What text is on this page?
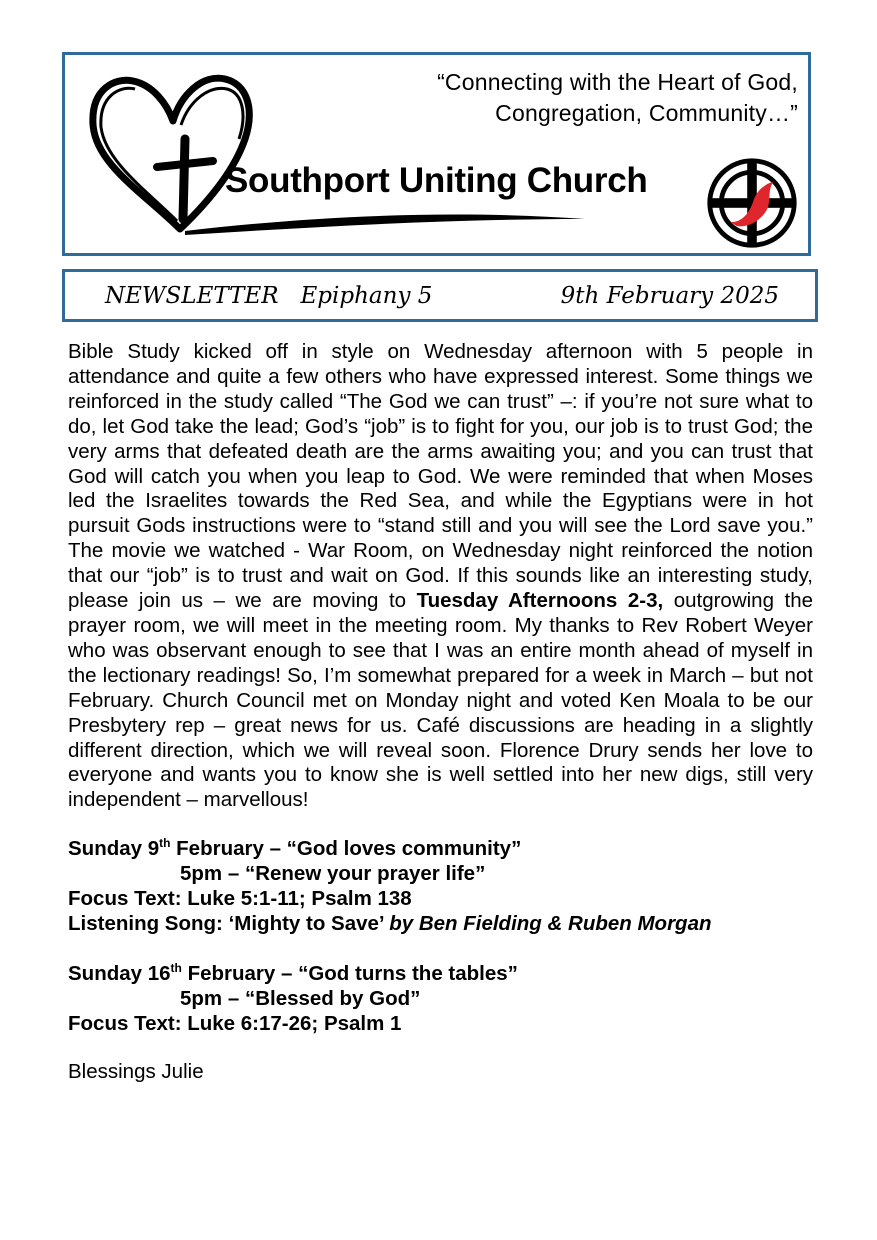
“Connecting with the Heart of God,
Congregation, Community…”
Southport Uniting Church
NEWSLETTER   Epiphany 5	9th February 2025

Bible Study kicked off in style on Wednesday afternoon with 5 people in attendance and quite a few others who have expressed interest. Some things we reinforced in the study called “The God we can trust” –: if you’re not sure what to do, let God take the lead; God’s “job” is to fight for you, our job is to trust God; the very arms that defeated death are the arms awaiting you; and you can trust that God will catch you when you leap to God. We were reminded that when Moses led the Israelites towards the Red Sea, and while the Egyptians were in hot pursuit Gods instructions were to “stand still and you will see the Lord save you.” The movie we watched - War Room, on Wednesday night reinforced the notion that our “job” is to trust and wait on God. If this sounds like an interesting study, please join us – we are moving to Tuesday Afternoons 2-3, outgrowing the prayer room, we will meet in the meeting room. My thanks to Rev Robert Weyer who was observant enough to see that I was an entire month ahead of myself in the lectionary readings! So, I’m somewhat prepared for a week in March – but not February. Church Council met on Monday night and voted Ken Moala to be our Presbytery rep – great news for us. Café discussions are heading in a slightly different direction, which we will reveal soon. Florence Drury sends her love to everyone and wants you to know she is well settled into her new digs, still very independent – marvellous!

Sunday 9th February – “God loves community”
5pm – “Renew your prayer life”
Focus Text: Luke 5:1-11; Psalm 138
Listening Song: ‘Mighty to Save’ by Ben Fielding & Ruben Morgan
Sunday 16th February – “God turns the tables”
5pm – “Blessed by God”
Focus Text: Luke 6:17-26; Psalm 1
Blessings Julie
